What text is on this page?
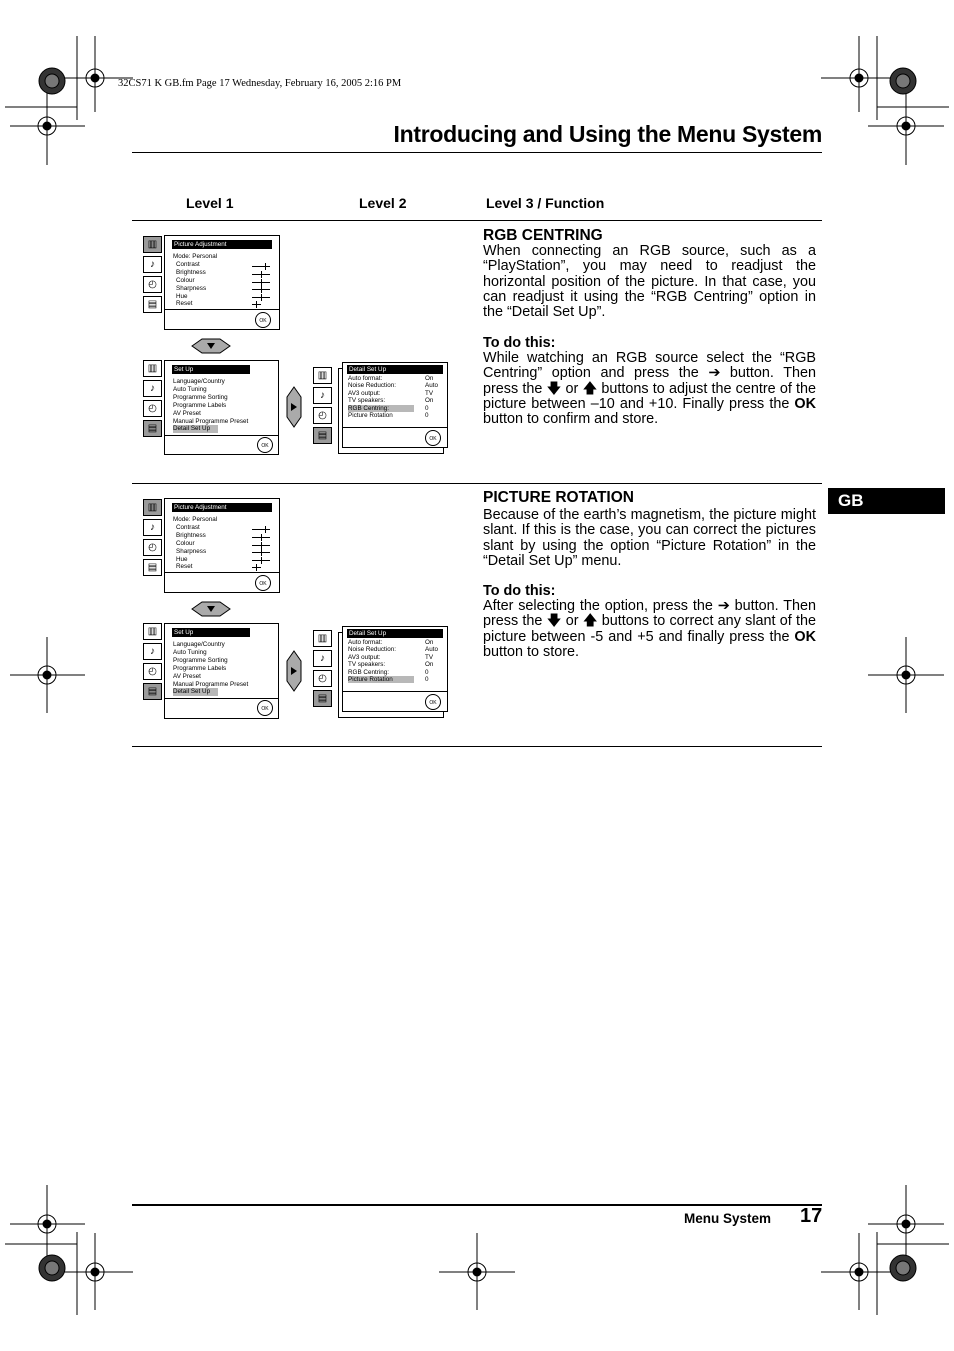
32CS71 K GB.fm Page 17 Wednesday, February 16, 2005 2:16 PM
Introducing and Using the Menu System
Level 1	Level 2	Level 3 / Function
▥
♪
◴
▤
Picture Adjustment
Mode: Personal
Contrast
Brightness
Colour
Sharpness
Hue
Reset
OK
▥
♪
◴
▤
Set Up
Language/Country
Auto Tuning
Programme Sorting
Programme Labels
AV Preset
Manual Programme Preset
Detail Set Up
OK
▥
♪
◴
▤
Detail Set Up
Auto format:
Noise Reduction:
AV3 output:
TV speakers:
RGB Centring:
Picture Rotation
On
Auto
TV
On
0
0
OK
RGB CENTRING
When connecting an RGB source, such as a “PlayStation”, you may need to readjust the horizontal position of the picture. In that case, you can readjust it using the “RGB Centring” option in the “Detail Set Up”.
To do this:
While watching an RGB source select the “RGB Centring” option and press the ➔ button. Then press the 🡇 or 🡅 buttons to adjust the centre of the picture between –10 and +10. Finally press the OK button to confirm and store.
▥
♪
◴
▤
Picture Adjustment
Mode: Personal
Contrast
Brightness
Colour
Sharpness
Hue
Reset
OK
▥
♪
◴
▤
Set Up
Language/Country
Auto Tuning
Programme Sorting
Programme Labels
AV Preset
Manual Programme Preset
Detail Set Up
OK
▥
♪
◴
▤
Detail Set Up
Auto format:
Noise Reduction:
AV3 output:
TV speakers:
RGB Centring:
Picture Rotation
On
Auto
TV
On
0
0
OK
PICTURE ROTATION
Because of the earth’s magnetism, the picture might slant. If this is the case, you can correct the pictures slant by using the option “Picture Rotation” in the “Detail Set Up” menu.
To do this:
After selecting the option, press the ➔ button. Then press the 🡇 or 🡅 buttons to correct any slant of the picture between -5 and +5 and finally press the OK button to store.
GB
Menu System 17
